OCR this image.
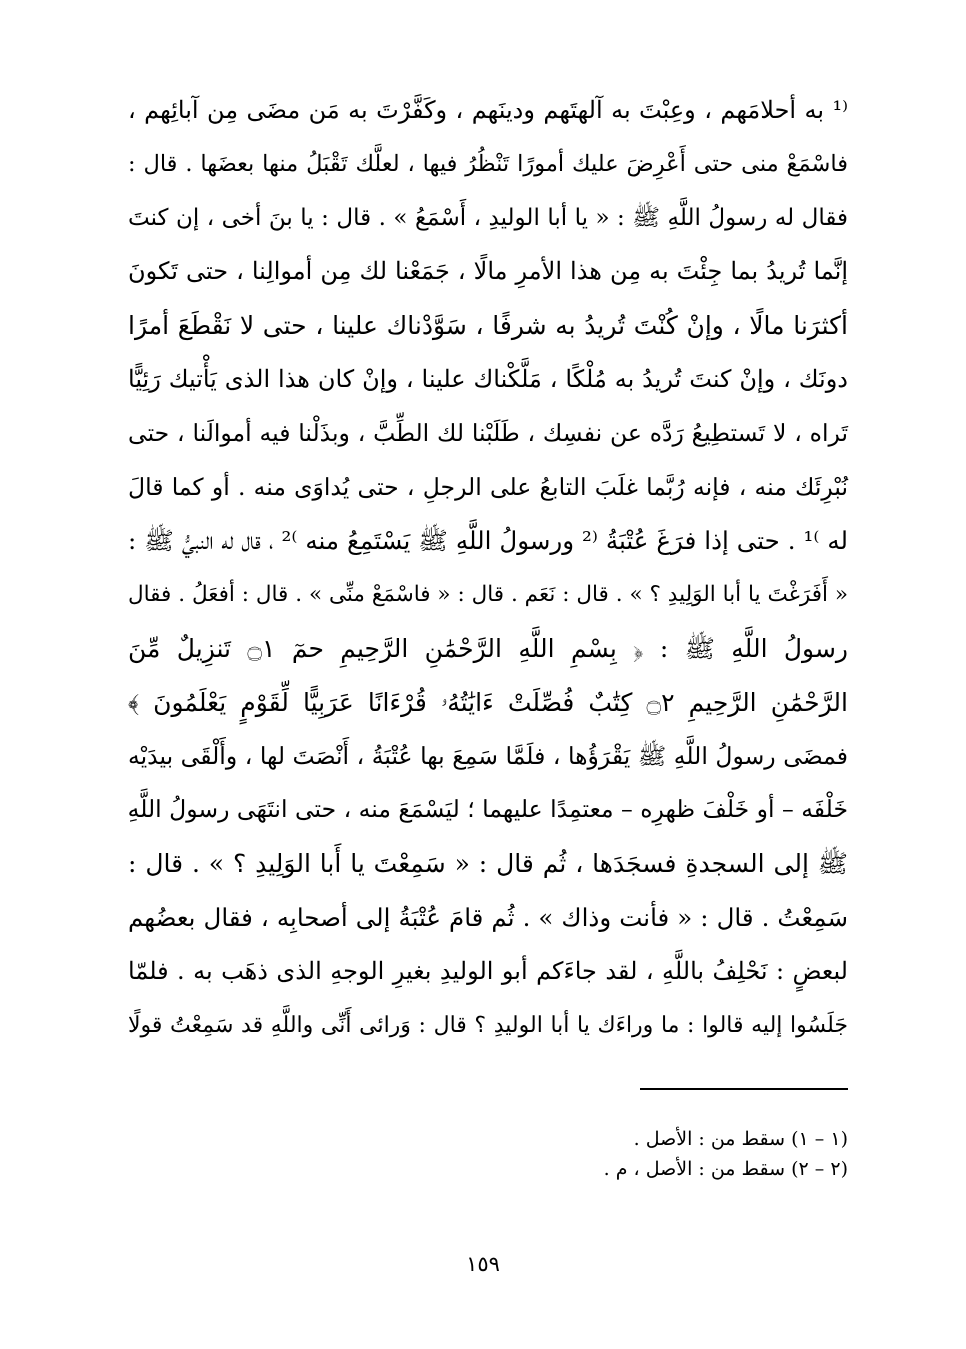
⁽¹ به أحلامَهم ، وعِبْتَ به آلهتَهم ودينَهم ، وكَفَّرْتَ به مَن مضَى مِن آبائِهم ،
فاسْمَعْ منى حتى أَعْرِضَ عليك أمورًا تَنْظُرُ فيها ، لعلَّك تَقْبَلُ منها بعضَها . قال :
فقال له رسولُ اللَّهِ ﷺ : « يا أبا الوليدِ ، أَسْمَعُ » . قال : يا بنَ أخى ، إن كنتَ
إنَّما تُريدُ بما جِئْتَ به مِن هذا الأمرِ مالًا ، جَمَعْنا لك مِن أموالِنا ، حتى تَكونَ
أكثرَنا مالًا ، وإنْ كُنْتَ تُريدُ به شرفًا ، سَوَّدْناك علينا ، حتى لا نَقْطَعَ أمرًا
دونَك ، وإنْ كنتَ تُريدُ به مُلْكًا ، مَلَّكْناك علينا ، وإنْ كان هذا الذى يَأْتيك رَئِيًّا
تَراه ، لا تَستطِيعُ رَدَّه عن نفسِك ، طَلَبْنا لك الطِّبَّ ، وبذَلْنا فيه أموالَنا ، حتى
نُبْرِئَك منه ، فإنه رُبَّما غلَبَ التابعُ على الرجلِ ، حتى يُداوَى منه . أو كما قالَ
له ⁾¹ . حتى إذا فرَغَ عُتْبَةُ ⁽² ورسولُ اللَّهِ ﷺ يَسْتَمِعُ منه ⁾² ، قال له النبيُّ ﷺ :
« أَفَرَغْتَ يا أبا الوَلِيدِ ؟ » . قال : نَعَم . قال : « فاسْمَعْ منِّى » . قال : أفعَلُ . فقال
رسولُ اللَّهِ ﷺ : ﴿ بِسْمِ اللَّهِ الرَّحْمَٰنِ الرَّحِيمِ حمٓ ۝١ تَنزِيلٌ مِّنَ
الرَّحْمَٰنِ الرَّحِيمِ ۝٢ كِتَٰبٌ فُصِّلَتْ ءَايَٰتُهُۥ قُرْءَانًا عَرَبِيًّا لِّقَوْمٍ يَعْلَمُونَ ﴾
فمضَى رسولُ اللَّهِ ﷺ يَقْرَؤُها ، فلَمَّا سَمِعَ بها عُتْبَةُ ، أَنْصَتَ لها ، وأَلْقَى بيدَيْه
خَلْفَه – أو خَلْفَ ظهرِه – معتمِدًا عليهما ؛ ليَسْمَعَ منه ، حتى انتَهَى رسولُ اللَّهِ
ﷺ إلى السجدةِ فسجَدَها ، ثُم قال : « سَمِعْتَ يا أَبا الوَلِيدِ ؟ » . قال :
سَمِعْتُ . قال : « فأنت وذاك » . ثُم قامَ عُتْبَةُ إلى أصحابِه ، فقال بعضُهم
لبعضٍ : نَحْلِفُ باللَّهِ ، لقد جاءَكم أبو الوليدِ بغيرِ الوجهِ الذى ذهَب به . فلمّا
جَلَسُوا إليه قالوا : ما وراءَك يا أبا الوليدِ ؟ قال : وَرائى أَنِّى واللَّهِ قد سَمِعْتُ قولًا
(١ – ١) سقط من : الأصل .
(٢ – ٢) سقط من : الأصل ، م .
١٥٩
